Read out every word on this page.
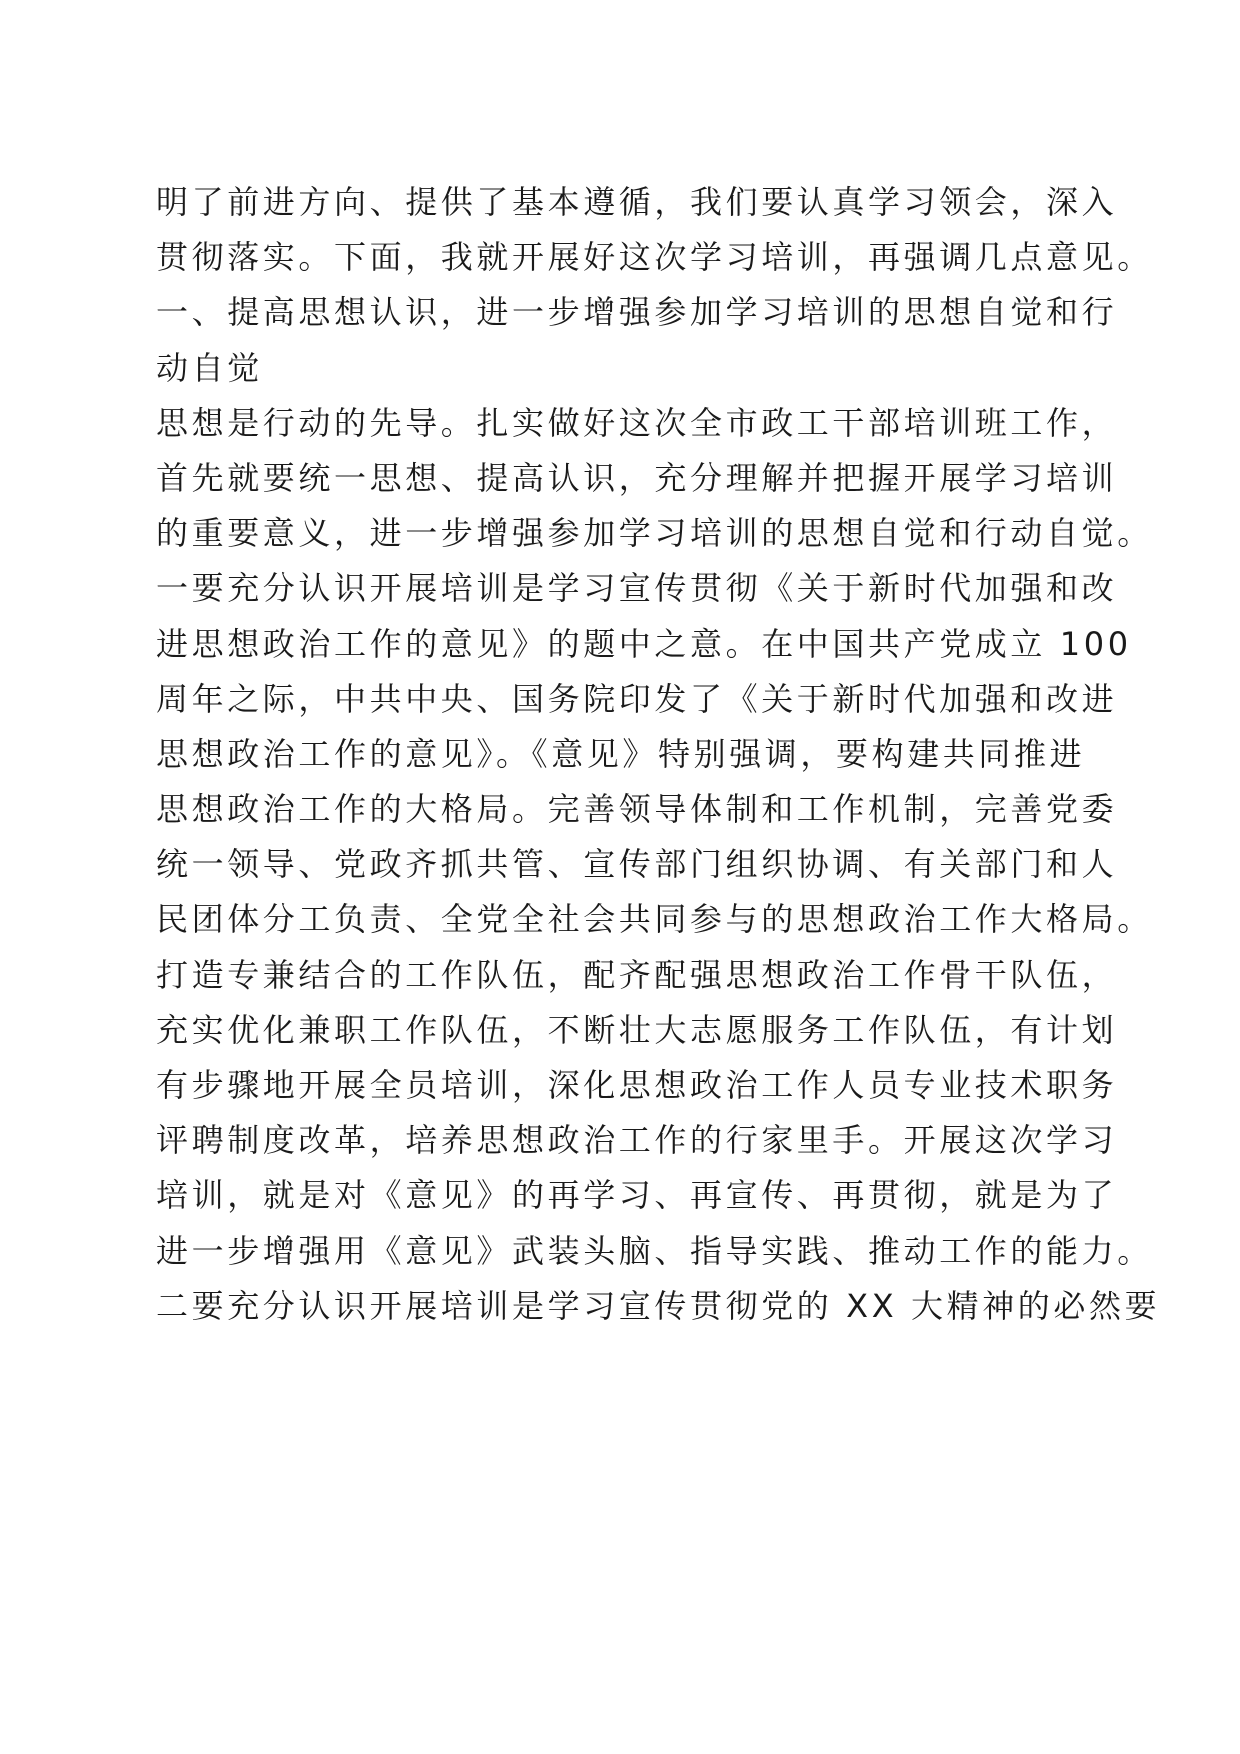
明了前进方向、提供了基本遵循，我们要认真学习领会，深入
贯彻落实。下面，我就开展好这次学习培训，再强调几点意见。
一、提高思想认识，进一步增强参加学习培训的思想自觉和行
动自觉
思想是行动的先导。扎实做好这次全市政工干部培训班工作，
首先就要统一思想、提高认识，充分理解并把握开展学习培训
的重要意义，进一步增强参加学习培训的思想自觉和行动自觉。
一要充分认识开展培训是学习宣传贯彻《关于新时代加强和改
进思想政治工作的意见》的题中之意。在中国共产党成立 100
周年之际，中共中央、国务院印发了《关于新时代加强和改进
思想政治工作的意见》。《意见》特别强调，要构建共同推进
思想政治工作的大格局。完善领导体制和工作机制，完善党委
统一领导、党政齐抓共管、宣传部门组织协调、有关部门和人
民团体分工负责、全党全社会共同参与的思想政治工作大格局。
打造专兼结合的工作队伍，配齐配强思想政治工作骨干队伍，
充实优化兼职工作队伍，不断壮大志愿服务工作队伍，有计划
有步骤地开展全员培训，深化思想政治工作人员专业技术职务
评聘制度改革，培养思想政治工作的行家里手。开展这次学习
培训，就是对《意见》的再学习、再宣传、再贯彻，就是为了
进一步增强用《意见》武装头脑、指导实践、推动工作的能力。
二要充分认识开展培训是学习宣传贯彻党的 XX 大精神的必然要
